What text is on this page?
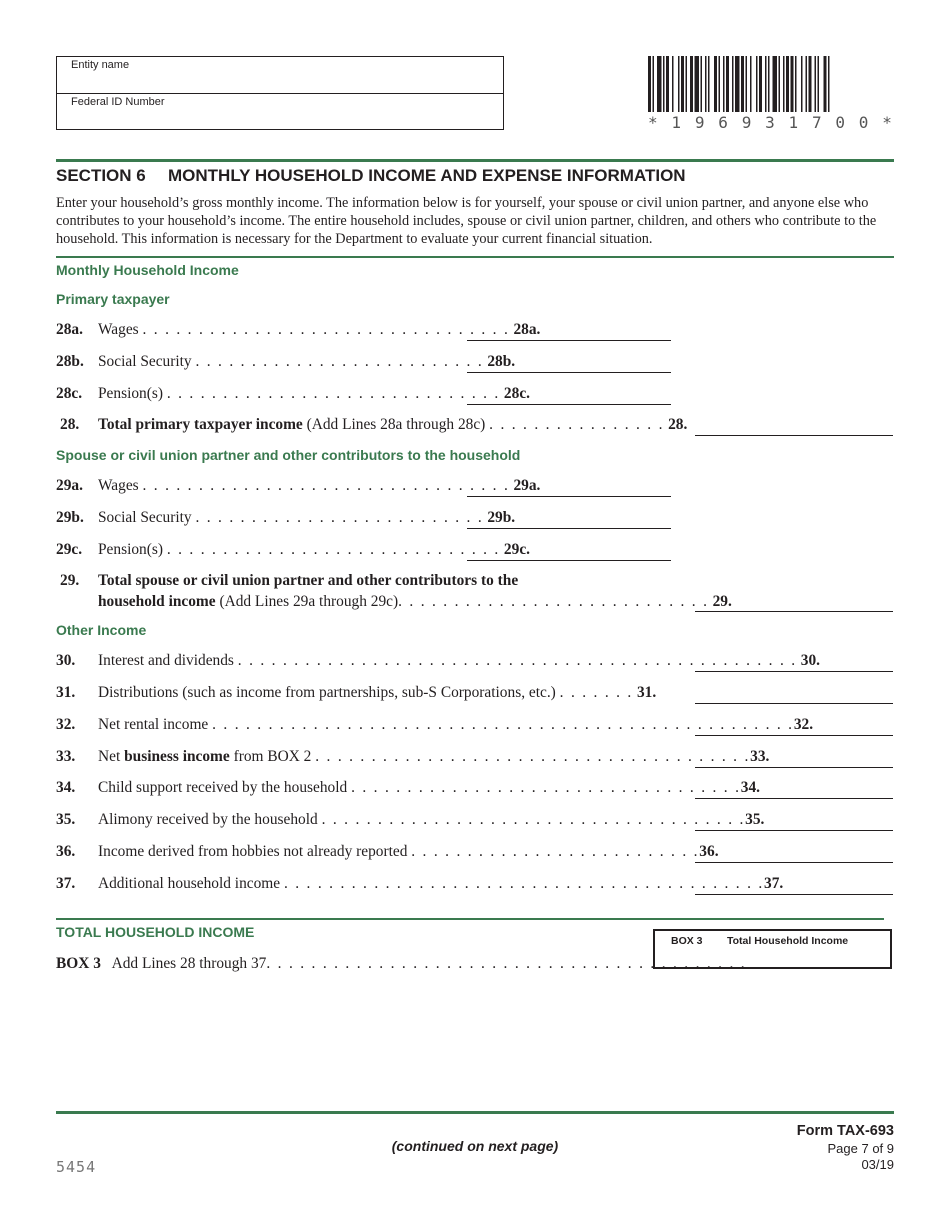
Entity name
Federal ID Number
* 1 9 6 9 3 1 7 0 0 *
SECTION 6 MONTHLY HOUSEHOLD INCOME AND EXPENSE INFORMATION
Enter your household’s gross monthly income. The information below is for yourself, your spouse or civil union partner, and anyone else who contributes to your household’s income. The entire household includes, spouse or civil union partner, children, and others who contribute to the household. This information is necessary for the Department to evaluate your current financial situation.
Monthly Household Income
Primary taxpayer
28a. Wages . . . . . . . . . . . . . . . . . . . . . . . . . . . . . . . . . 28a.
28b. Social Security . . . . . . . . . . . . . . . . . . . . . . . . . . 28b.
28c. Pension(s) . . . . . . . . . . . . . . . . . . . . . . . . . . . . . . 28c.
28. Total primary taxpayer income (Add Lines 28a through 28c) . . . . . . . . . . . . . . . . 28.
Spouse or civil union partner and other contributors to the household
29a. Wages . . . . . . . . . . . . . . . . . . . . . . . . . . . . . . . . . 29a.
29b. Social Security . . . . . . . . . . . . . . . . . . . . . . . . . . 29b.
29c. Pension(s) . . . . . . . . . . . . . . . . . . . . . . . . . . . . . . 29c.
29. Total spouse or civil union partner and other contributors to the
household income (Add Lines 29a through 29c). . . . . . . . . . . . . . . . . . . . . . . . . . . . 29.
Other Income
30. Interest and dividends . . . . . . . . . . . . . . . . . . . . . . . . . . . . . . . . . . . . . . . . . . . . . . . . . . 30.
31. Distributions (such as income from partnerships, sub-S Corporations, etc.) . . . . . . . 31.
32. Net rental income . . . . . . . . . . . . . . . . . . . . . . . . . . . . . . . . . . . . . . . . . . . . . . . . . . . .32.
33. Net business income from BOX 2 . . . . . . . . . . . . . . . . . . . . . . . . . . . . . . . . . . . . . . .33.
34. Child support received by the household . . . . . . . . . . . . . . . . . . . . . . . . . . . . . . . . . . .34.
35. Alimony received by the household . . . . . . . . . . . . . . . . . . . . . . . . . . . . . . . . . . . . . .35.
36. Income derived from hobbies not already reported . . . . . . . . . . . . . . . . . . . . . . . . . .36.
37. Additional household income . . . . . . . . . . . . . . . . . . . . . . . . . . . . . . . . . . . . . . . . . . .37.
TOTAL HOUSEHOLD INCOME
BOX 3 Add Lines 28 through 37. . . . . . . . . . . . . . . . . . . . . . . . . . . . . . . . . . . . . . . . . . .
BOX 3 Total Household Income
(continued on next page)
Form TAX-693
Page 7 of 9
03/19
5454
